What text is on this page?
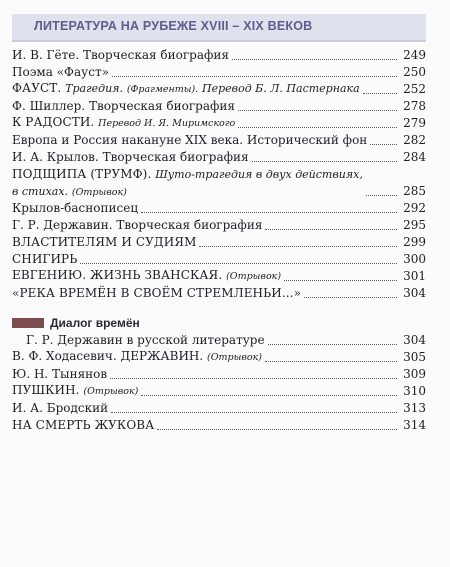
ЛИТЕРАТУРА НА РУБЕЖЕ XVIII – XIX ВЕКОВ
И. В. Гёте. Творческая биография	249
Поэма «Фауст»	250
ФАУСТ. Трагедия. (Фрагменты). Перевод Б. Л. Пастернака	252
Ф. Шиллер. Творческая биография	278
К РАДОСТИ. Перевод И. Я. Миримского	279
Европа и Россия накануне XIX века. Исторический фон	282
И. А. Крылов. Творческая биография	284
ПОДЩИПА (ТРУМФ). Шуто-трагедия в двух действиях,
в стихах. (Отрывок)	285
Крылов-баснописец	292
Г. Р. Державин. Творческая биография	295
ВЛАСТИТЕЛЯМ И СУДИЯМ	299
СНИГИРЬ	300
ЕВГЕНИЮ. ЖИЗНЬ ЗВАНСКАЯ. (Отрывок)	301
«РЕКА ВРЕМЁН В СВОЁМ СТРЕМЛЕНЬИ...»	304
Диалог времён
Г. Р. Державин в русской литературе	304
В. Ф. Ходасевич. ДЕРЖАВИН. (Отрывок)	305
Ю. Н. Тынянов	309
ПУШКИН. (Отрывок)	310
И. А. Бродский	313
НА СМЕРТЬ ЖУКОВА	314
